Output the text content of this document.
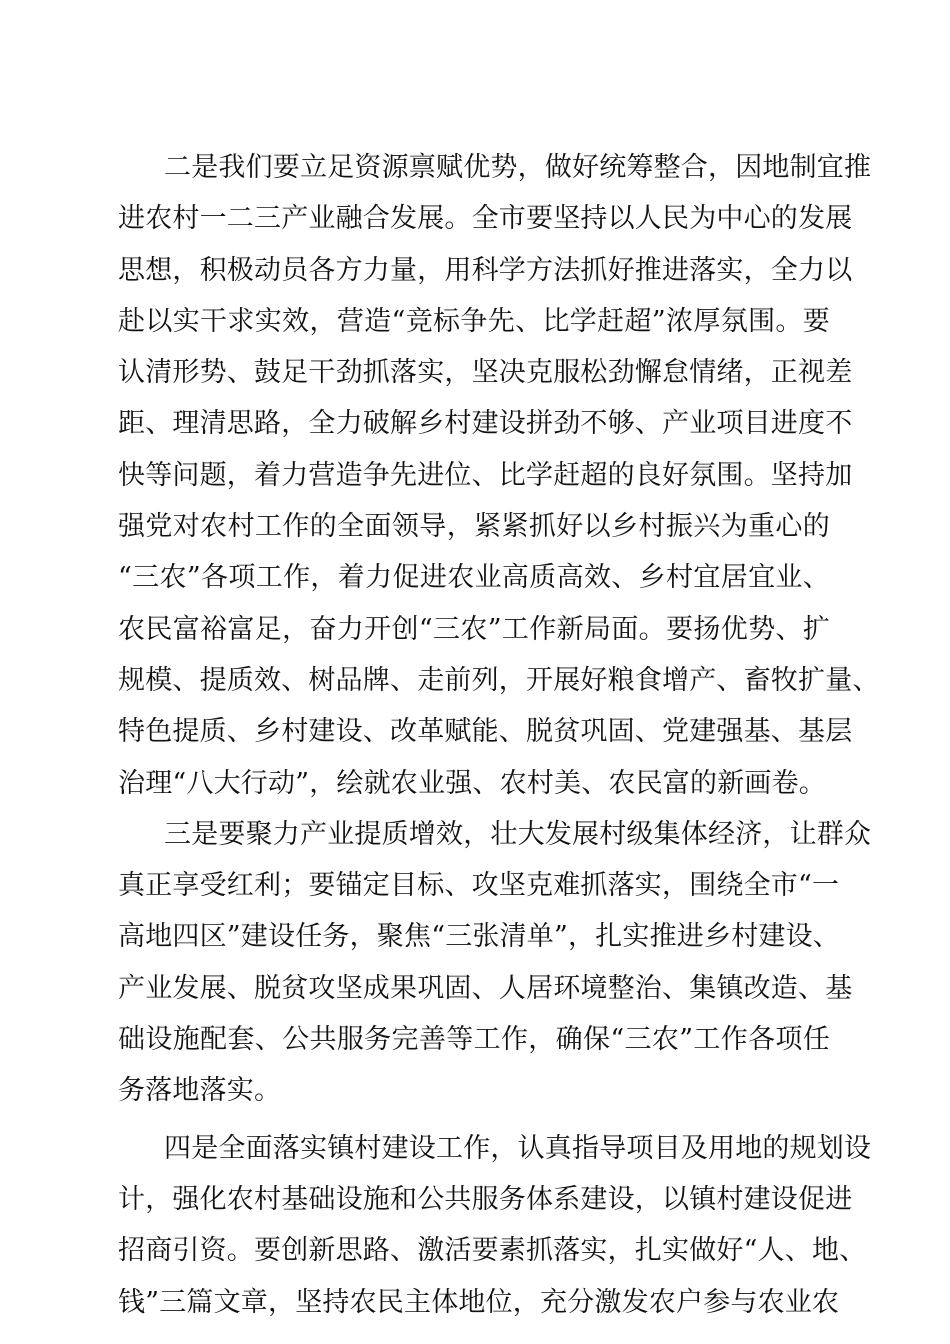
二是我们要立足资源禀赋优势，做好统筹整合，因地制宜推
进农村一二三产业融合发展。全市要坚持以人民为中心的发展
思想，积极动员各方力量，用科学方法抓好推进落实，全力以
赴以实干求实效，营造“竞标争先、比学赶超”浓厚氛围。要
认清形势、鼓足干劲抓落实，坚决克服松劲懈怠情绪，正视差
距、理清思路，全力破解乡村建设拼劲不够、产业项目进度不
快等问题，着力营造争先进位、比学赶超的良好氛围。坚持加
强党对农村工作的全面领导，紧紧抓好以乡村振兴为重心的
“三农”各项工作，着力促进农业高质高效、乡村宜居宜业、
农民富裕富足，奋力开创“三农”工作新局面。要扬优势、扩
规模、提质效、树品牌、走前列，开展好粮食增产、畜牧扩量、
特色提质、乡村建设、改革赋能、脱贫巩固、党建强基、基层
治理“八大行动”，绘就农业强、农村美、农民富的新画卷。
三是要聚力产业提质增效，壮大发展村级集体经济，让群众
真正享受红利；要锚定目标、攻坚克难抓落实，围绕全市“一
高地四区”建设任务，聚焦“三张清单”，扎实推进乡村建设、
产业发展、脱贫攻坚成果巩固、人居环境整治、集镇改造、基
础设施配套、公共服务完善等工作，确保“三农”工作各项任
务落地落实。
四是全面落实镇村建设工作，认真指导项目及用地的规划设
计，强化农村基础设施和公共服务体系建设，以镇村建设促进
招商引资。要创新思路、激活要素抓落实，扎实做好“人、地、
钱”三篇文章，坚持农民主体地位，充分激发农户参与农业农
